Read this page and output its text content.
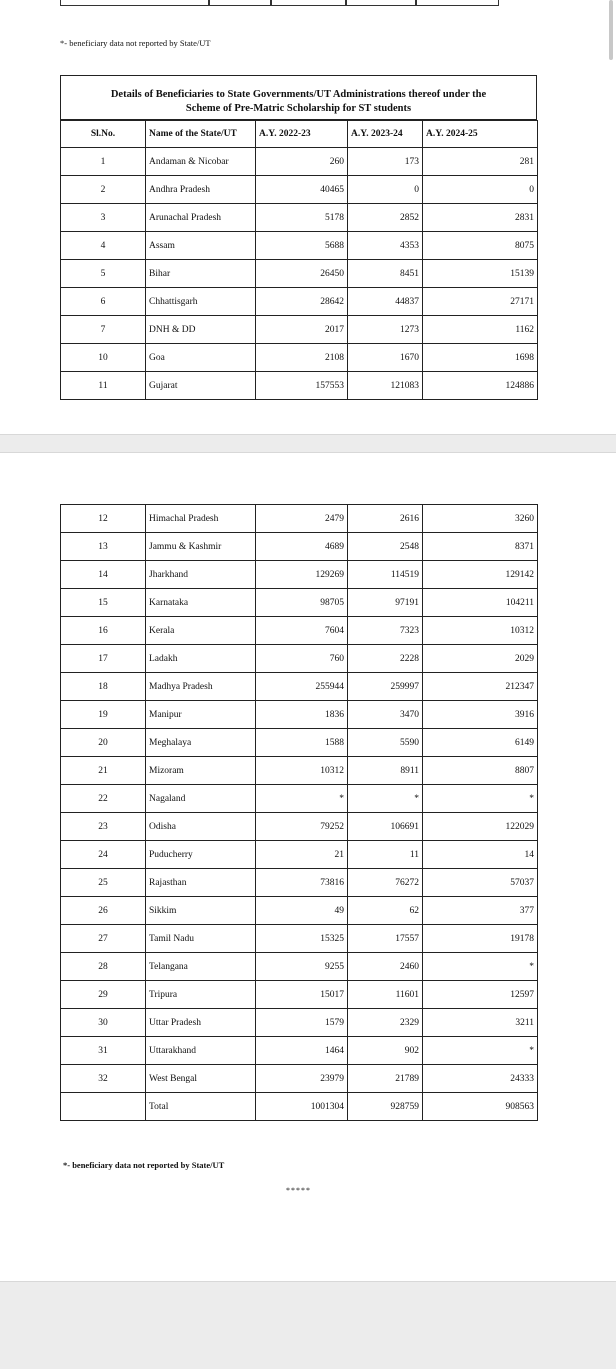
*- beneficiary data not reported by State/UT
Details of Beneficiaries to State Governments/UT Administrations thereof under the
Scheme of Pre-Matric Scholarship for ST students
Sl.No.	Name of the State/UT	A.Y. 2022-23	A.Y. 2023-24	A.Y. 2024-25
1	Andaman & Nicobar	260	173	281
2	Andhra Pradesh	40465	0	0
3	Arunachal Pradesh	5178	2852	2831
4	Assam	5688	4353	8075
5	Bihar	26450	8451	15139
6	Chhattisgarh	28642	44837	27171
7	DNH & DD	2017	1273	1162
10	Goa	2108	1670	1698
11	Gujarat	157553	121083	124886
*- beneficiary data not reported by State/UT
*****
12	Himachal Pradesh	2479	2616	3260
13	Jammu & Kashmir	4689	2548	8371
14	Jharkhand	129269	114519	129142
15	Karnataka	98705	97191	104211
16	Kerala	7604	7323	10312
17	Ladakh	760	2228	2029
18	Madhya Pradesh	255944	259997	212347
19	Manipur	1836	3470	3916
20	Meghalaya	1588	5590	6149
21	Mizoram	10312	8911	8807
22	Nagaland	*	*	*
23	Odisha	79252	106691	122029
24	Puducherry	21	11	14
25	Rajasthan	73816	76272	57037
26	Sikkim	49	62	377
27	Tamil Nadu	15325	17557	19178
28	Telangana	9255	2460	*
29	Tripura	15017	11601	12597
30	Uttar Pradesh	1579	2329	3211
31	Uttarakhand	1464	902	*
32	West Bengal	23979	21789	24333
	Total	1001304	928759	908563
